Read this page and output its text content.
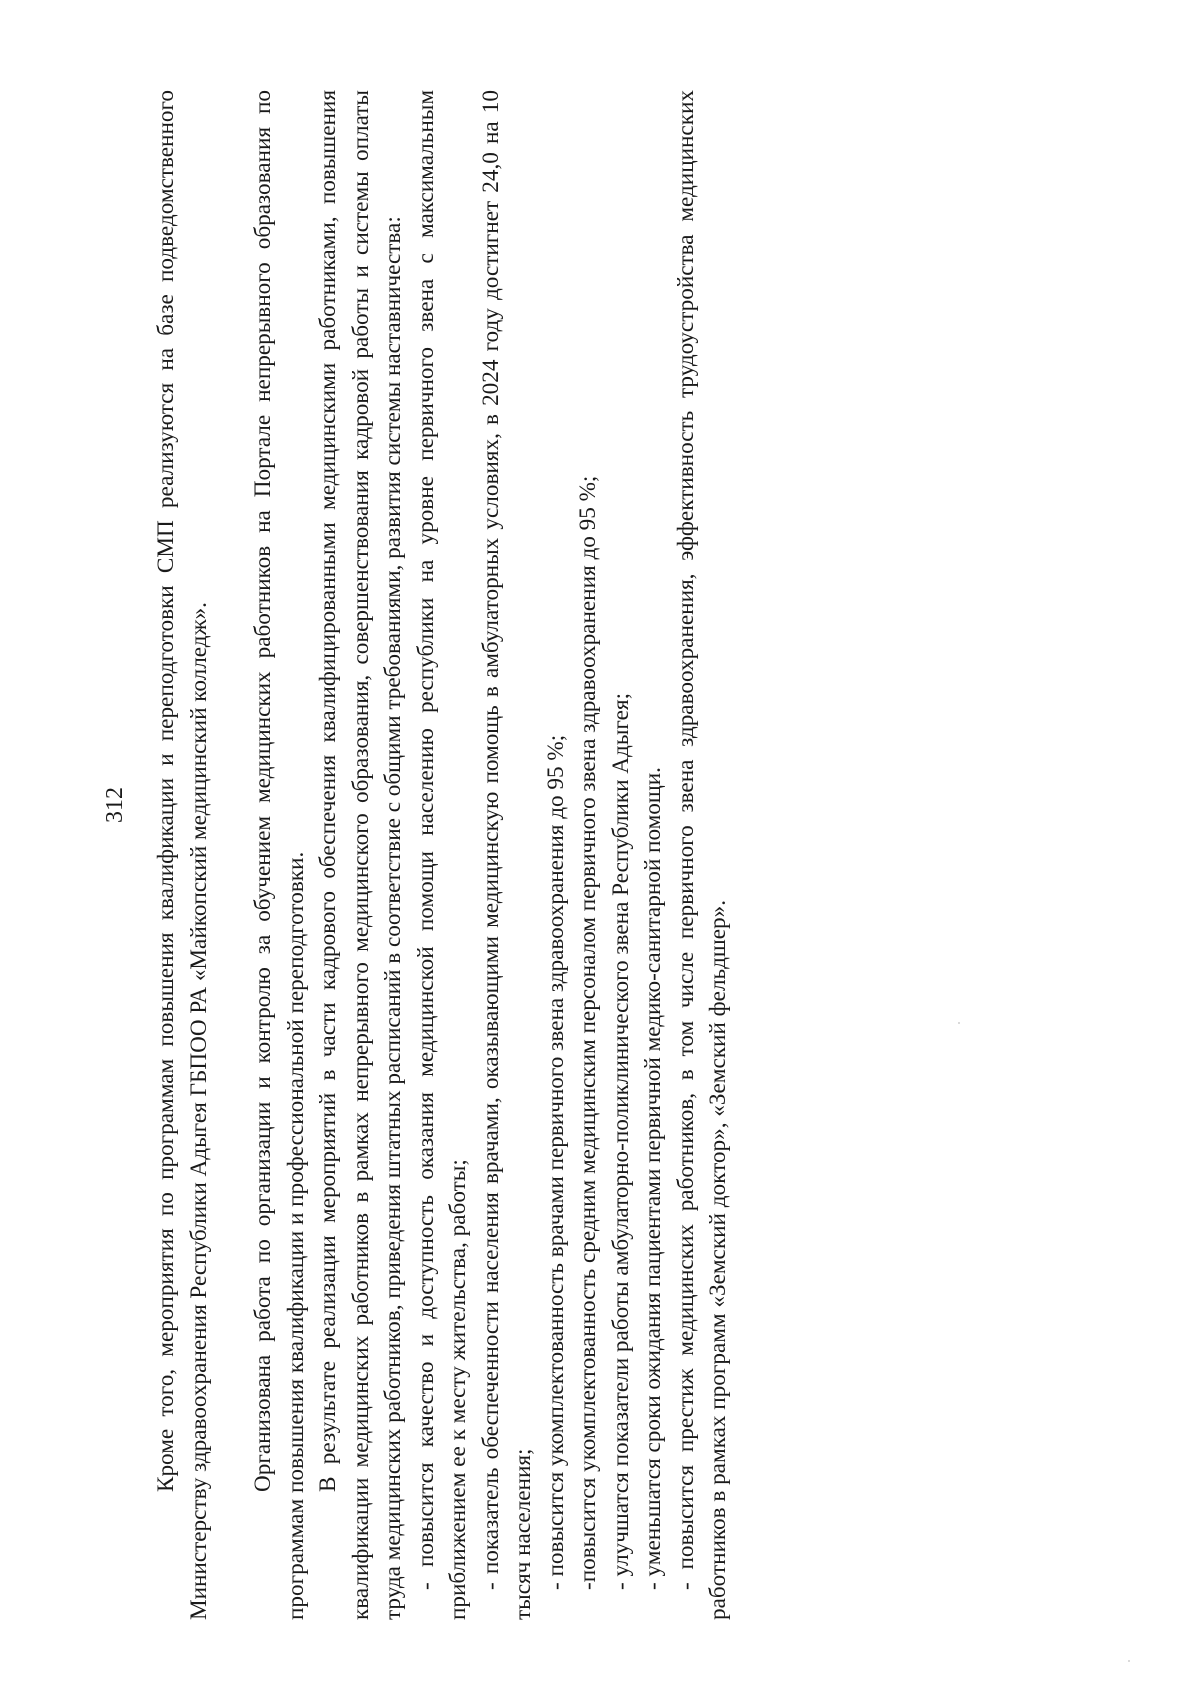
312 Кроме того, мероприятия по программам повышения квалификации и переподготовки СМП реализуются на базе подведомственного Министерству здравоохранения Республики Адыгея ГБПОО РА «Майкопский медицинский колледж». Организована работа по организации и контролю за обучением медицинских работников на Портале непрерывного образования по программам повышения квалификации и профессиональной переподготовки. В результате реализации мероприятий в части кадрового обеспечения квалифицированными медицинскими работниками, повышения квалификации медицинских работников в рамках непрерывного медицинского образования, совершенствования кадровой работы и системы оплаты труда медицинских работников, приведения штатных расписаний в соответствие с общими требованиями, развития системы наставничества: - повысится качество и доступность оказания медицинской помощи населению республики на уровне первичного звена с максимальным приближением ее к месту жительства, работы; - показатель обеспеченности населения врачами, оказывающими медицинскую помощь в амбулаторных условиях, в 2024 году достигнет 24,0 на 10 тысяч населения; - повысится укомплектованность врачами первичного звена здравоохранения до 95 %; -повысится укомплектованность средним медицинским персоналом первичного звена здравоохранения до 95 %; - улучшатся показатели работы амбулаторно-поликлинического звена Республики Адыгея; - уменьшатся сроки ожидания пациентами первичной медико-санитарной помощи. - повысится престиж медицинских работников, в том числе первичного звена здравоохранения, эффективность трудоустройства медицинских работников в рамках программ «Земский доктор», «Земский фельдшер».
